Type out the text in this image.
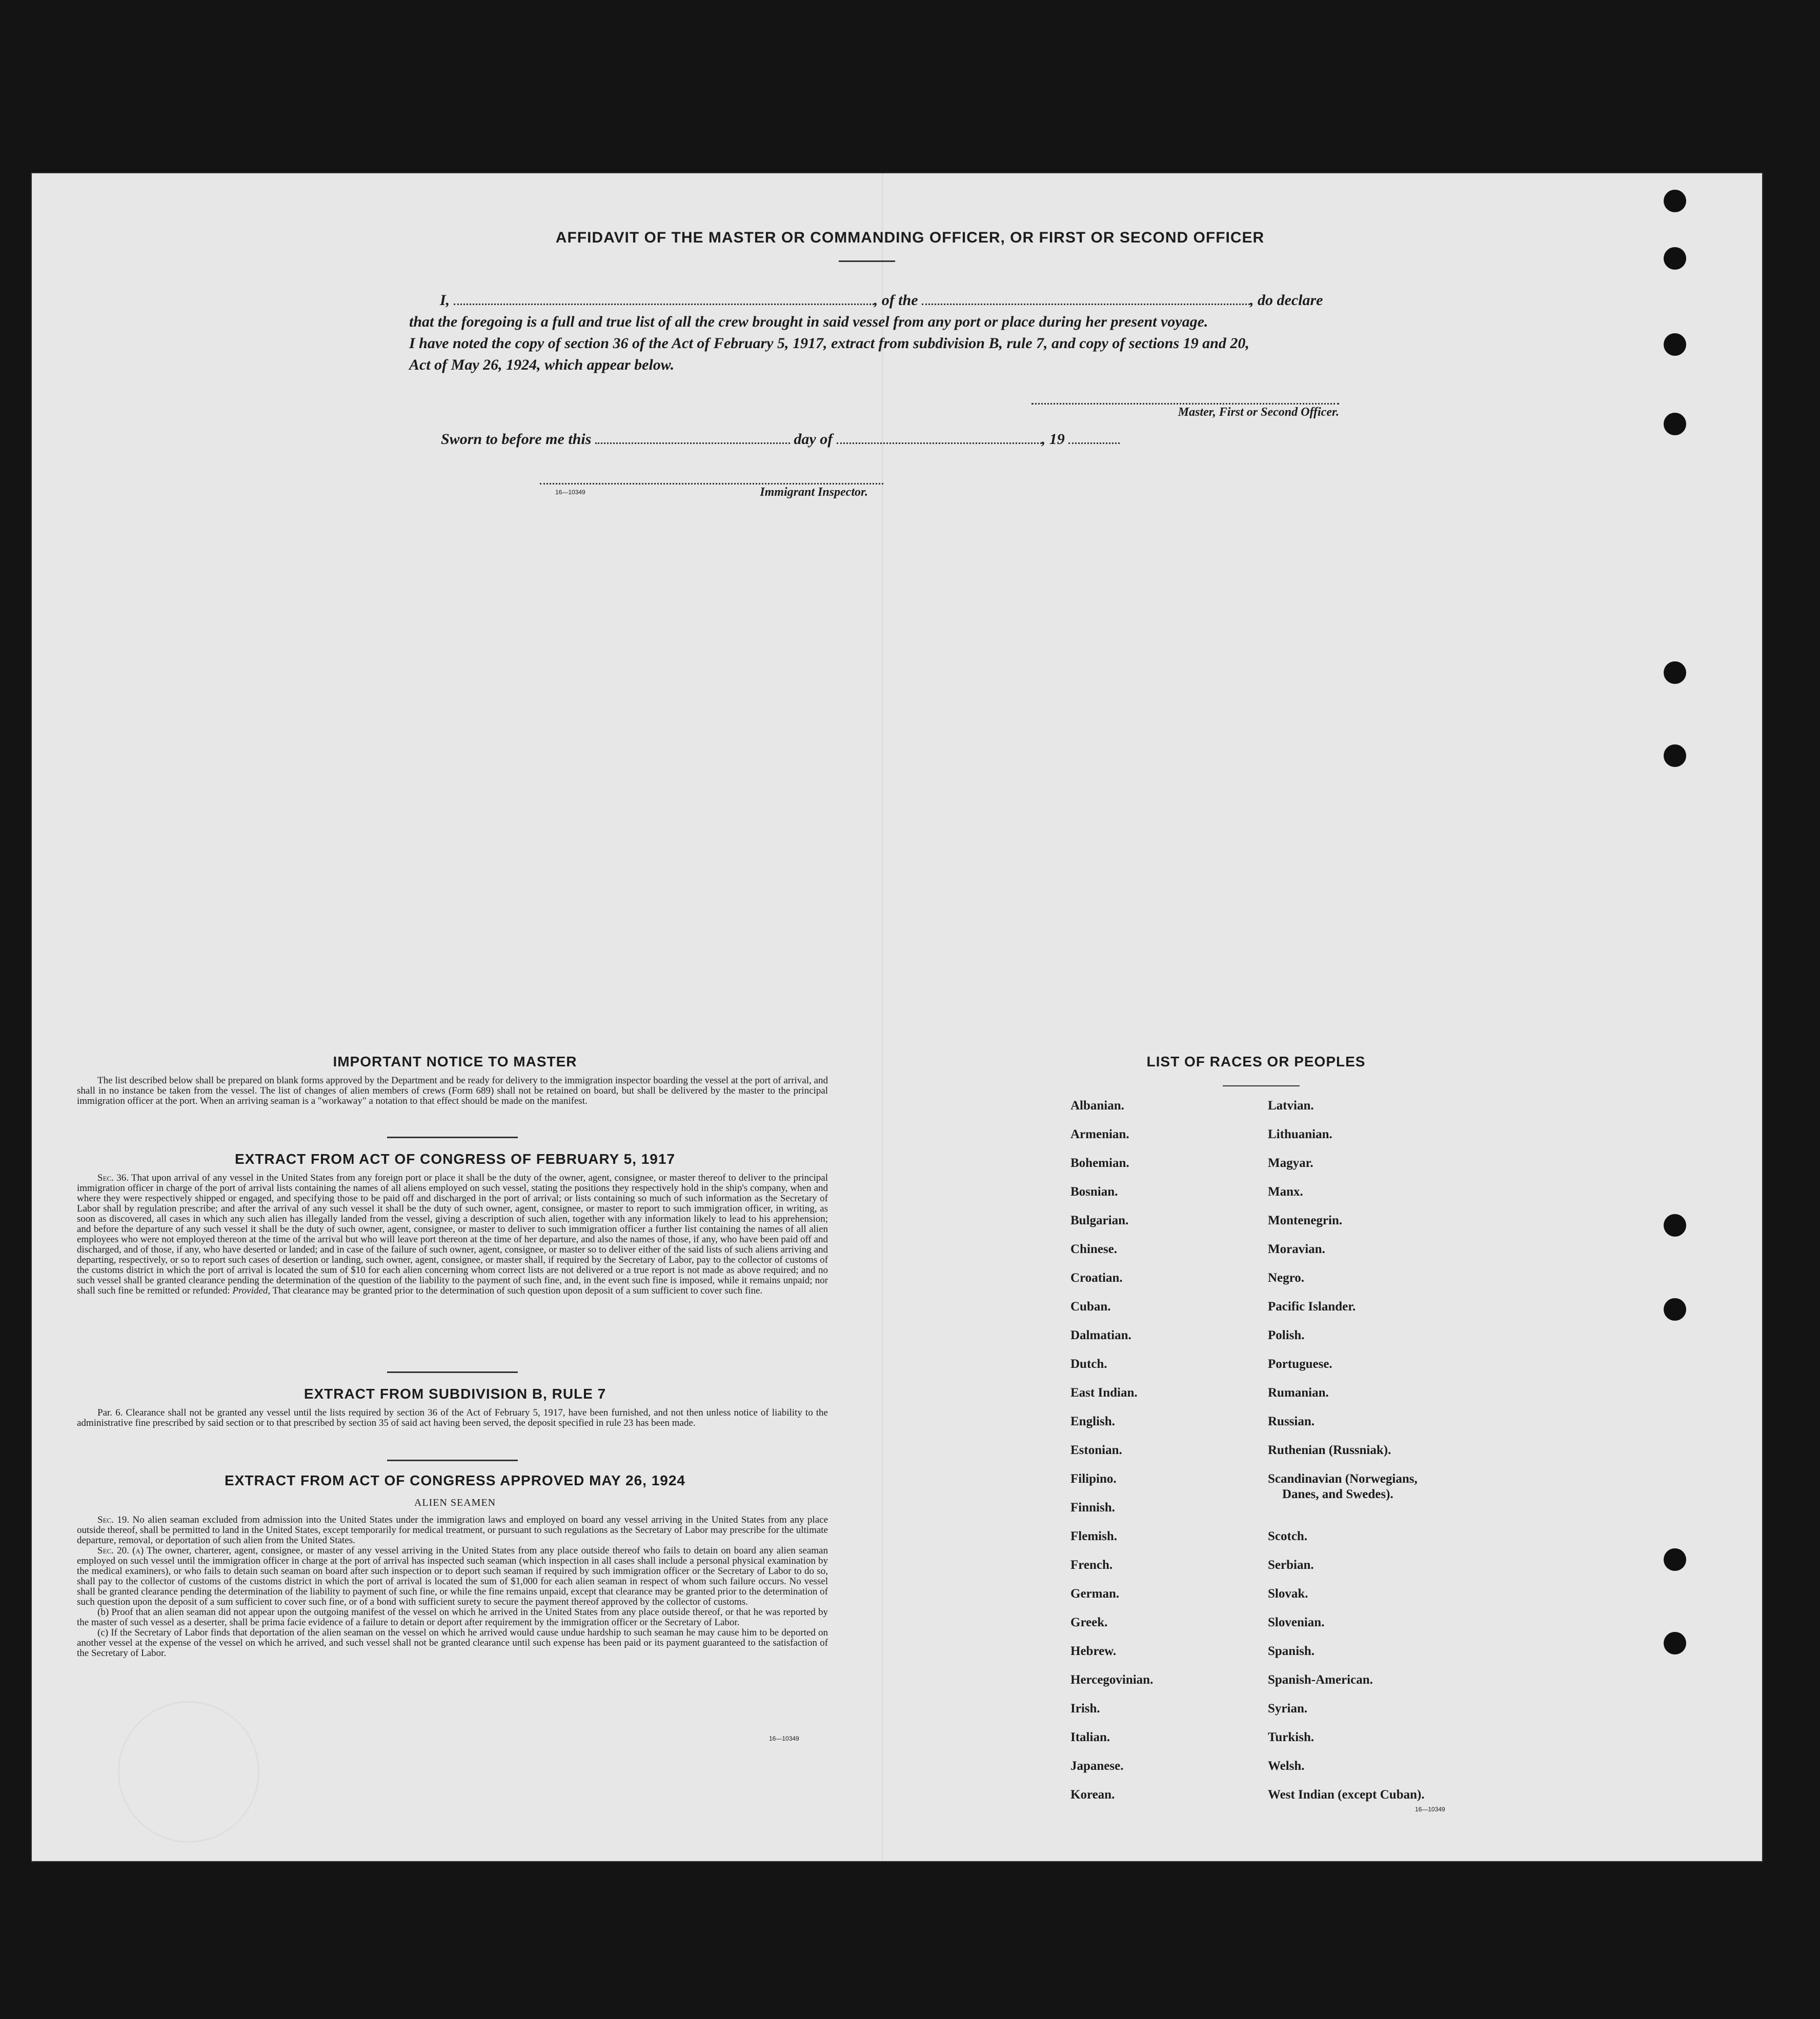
AFFIDAVIT OF THE MASTER OR COMMANDING OFFICER, OR FIRST OR SECOND OFFICER
I,	, of the	, do declare
that the foregoing is a full and true list of all the crew brought in said vessel from any port or place during her present voyage.
I have noted the copy of section 36 of the Act of February 5, 1917, extract from subdivision B, rule 7, and copy of sections 19 and 20,
Act of May 26, 1924, which appear below.
Master, First or Second Officer.
Sworn to before me this	day of	, 19
16—10349	Immigrant Inspector.
IMPORTANT NOTICE TO MASTER

The list described below shall be prepared on blank forms approved by the Department and be ready for delivery to the immigration inspector boarding the vessel at the port of arrival, and shall in no instance be taken from the vessel. The list of changes of alien members of crews (Form 689) shall not be retained on board, but shall be delivered by the master to the principal immigration officer at the port. When an arriving seaman is a "workaway" a notation to that effect should be made on the manifest.

EXTRACT FROM ACT OF CONGRESS OF FEBRUARY 5, 1917

Sec. 36. That upon arrival of any vessel in the United States from any foreign port or place it shall be the duty of the owner, agent, consignee, or master thereof to deliver to the principal immigration officer in charge of the port of arrival lists containing the names of all aliens employed on such vessel, stating the positions they respectively hold in the ship's company, when and where they were respectively shipped or engaged, and specifying those to be paid off and discharged in the port of arrival; or lists containing so much of such information as the Secretary of Labor shall by regulation prescribe; and after the arrival of any such vessel it shall be the duty of such owner, agent, consignee, or master to report to such immigration officer, in writing, as soon as discovered, all cases in which any such alien has illegally landed from the vessel, giving a description of such alien, together with any information likely to lead to his apprehension; and before the departure of any such vessel it shall be the duty of such owner, agent, consignee, or master to deliver to such immigration officer a further list containing the names of all alien employees who were not employed thereon at the time of the arrival but who will leave port thereon at the time of her departure, and also the names of those, if any, who have been paid off and discharged, and of those, if any, who have deserted or landed; and in case of the failure of such owner, agent, consignee, or master so to deliver either of the said lists of such aliens arriving and departing, respectively, or so to report such cases of desertion or landing, such owner, agent, consignee, or master shall, if required by the Secretary of Labor, pay to the collector of customs of the customs district in which the port of arrival is located the sum of $10 for each alien concerning whom correct lists are not delivered or a true report is not made as above required; and no such vessel shall be granted clearance pending the determination of the question of the liability to the payment of such fine, and, in the event such fine is imposed, while it remains unpaid; nor shall such fine be remitted or refunded: Provided, That clearance may be granted prior to the determination of such question upon deposit of a sum sufficient to cover such fine.

EXTRACT FROM SUBDIVISION B, RULE 7

Par. 6. Clearance shall not be granted any vessel until the lists required by section 36 of the Act of February 5, 1917, have been furnished, and not then unless notice of liability to the administrative fine prescribed by said section or to that prescribed by section 35 of said act having been served, the deposit specified in rule 23 has been made.

EXTRACT FROM ACT OF CONGRESS APPROVED MAY 26, 1924
ALIEN SEAMEN

Sec. 19. No alien seaman excluded from admission into the United States under the immigration laws and employed on board any vessel arriving in the United States from any place outside thereof, shall be permitted to land in the United States, except temporarily for medical treatment, or pursuant to such regulations as the Secretary of Labor may prescribe for the ultimate departure, removal, or deportation of such alien from the United States.

Sec. 20. (a) The owner, charterer, agent, consignee, or master of any vessel arriving in the United States from any place outside thereof who fails to detain on board any alien seaman employed on such vessel until the immigration officer in charge at the port of arrival has inspected such seaman (which inspection in all cases shall include a personal physical examination by the medical examiners), or who fails to detain such seaman on board after such inspection or to deport such seaman if required by such immigration officer or the Secretary of Labor to do so, shall pay to the collector of customs of the customs district in which the port of arrival is located the sum of $1,000 for each alien seaman in respect of whom such failure occurs. No vessel shall be granted clearance pending the determination of the liability to payment of such fine, or while the fine remains unpaid, except that clearance may be granted prior to the determination of such question upon the deposit of a sum sufficient to cover such fine, or of a bond with sufficient surety to secure the payment thereof approved by the collector of customs.

(b) Proof that an alien seaman did not appear upon the outgoing manifest of the vessel on which he arrived in the United States from any place outside thereof, or that he was reported by the master of such vessel as a deserter, shall be prima facie evidence of a failure to detain or deport after requirement by the immigration officer or the Secretary of Labor.

(c) If the Secretary of Labor finds that deportation of the alien seaman on the vessel on which he arrived would cause undue hardship to such seaman he may cause him to be deported on another vessel at the expense of the vessel on which he arrived, and such vessel shall not be granted clearance until such expense has been paid or its payment guaranteed to the satisfaction of the Secretary of Labor.

16—10349
LIST OF RACES OR PEOPLES
Albanian.
Armenian.
Bohemian.
Bosnian.
Bulgarian.
Chinese.
Croatian.
Cuban.
Dalmatian.
Dutch.
East Indian.
English.
Estonian.
Filipino.
Finnish.
Flemish.
French.
German.
Greek.
Hebrew.
Hercegovinian.
Irish.
Italian.
Japanese.
Korean.
Latvian.
Lithuanian.
Magyar.
Manx.
Montenegrin.
Moravian.
Negro.
Pacific Islander.
Polish.
Portuguese.
Rumanian.
Russian.
Ruthenian (Russniak).
Scandinavian (Norwegians,
Danes, and Swedes).
Scotch.
Serbian.
Slovak.
Slovenian.
Spanish.
Spanish-American.
Syrian.
Turkish.
Welsh.
West Indian (except Cuban).
16—10349
